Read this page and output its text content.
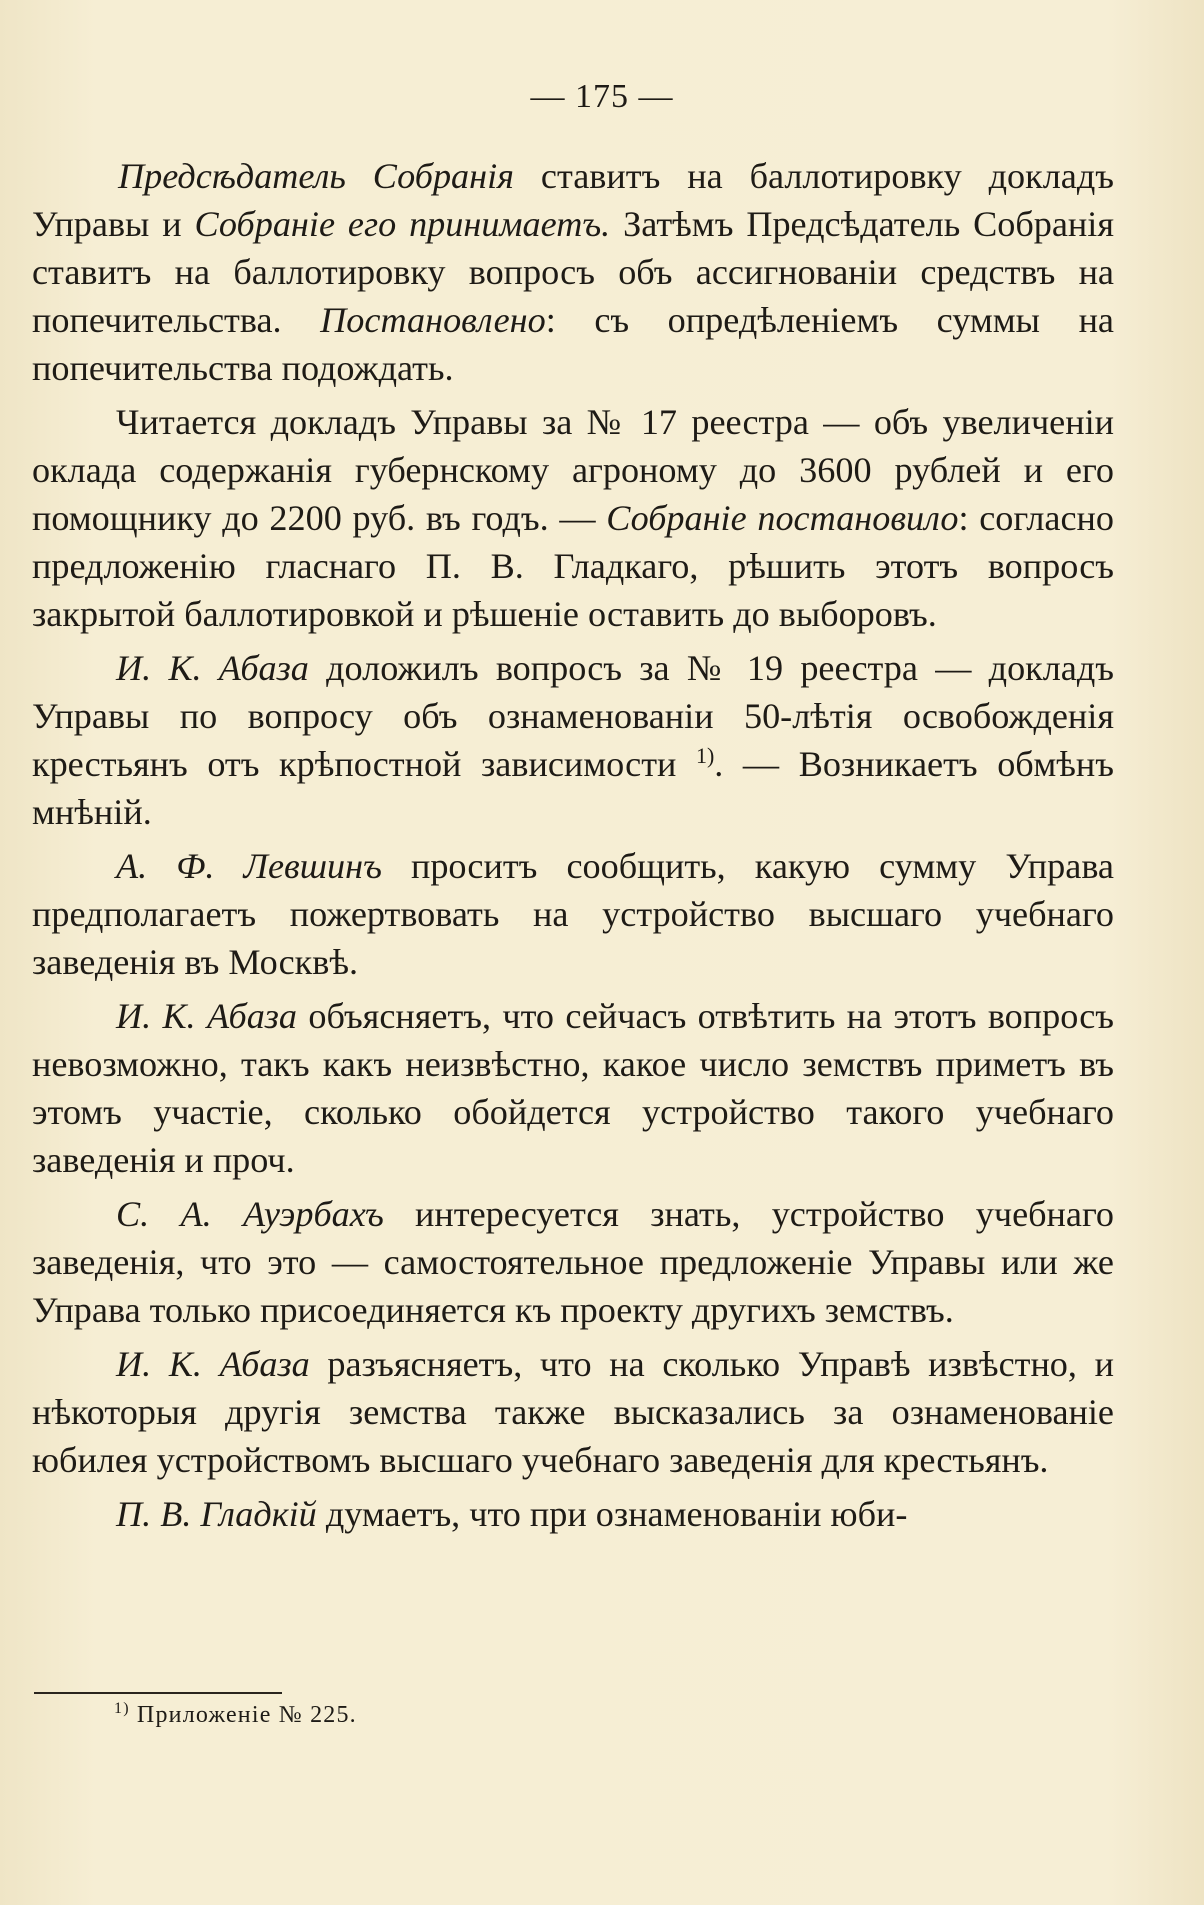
— 175 —

Предсѣдатель Собранія ставитъ на баллотировку докладъ Управы и Собраніе его принимаетъ. Затѣмъ Предсѣдатель Собранія ставитъ на баллотировку вопросъ объ ассигнованіи средствъ на попечительства. Постановлено: съ опредѣленіемъ суммы на попечительства подождать.

Читается докладъ Управы за № 17 реестра — объ увеличеніи оклада содержанія губернскому агроному до 3600 рублей и его помощнику до 2200 руб. въ годъ. — Собраніе постановило: согласно предложенію гласнаго П. В. Гладкаго, рѣшить этотъ вопросъ закрытой баллотировкой и рѣшеніе оставить до выборовъ.

И. К. Абаза доложилъ вопросъ за № 19 реестра — докладъ Управы по вопросу объ ознаменованіи 50-лѣтія освобожденія крестьянъ отъ крѣпостной зависимости $^{1)}$. — Возникаетъ обмѣнъ мнѣній.

А. Ф. Левшинъ проситъ сообщить, какую сумму Управа предполагаетъ пожертвовать на устройство высшаго учебнаго заведенія въ Москвѣ.

И. К. Абаза объясняетъ, что сейчасъ отвѣтить на этотъ вопросъ невозможно, такъ какъ неизвѣстно, какое число земствъ приметъ въ этомъ участіе, сколько обойдется устройство такого учебнаго заведенія и проч.

С. А. Ауэрбахъ интересуется знать, устройство учебнаго заведенія, что это — самостоятельное предложеніе Управы или же Управа только присоединяется къ проекту другихъ земствъ.

И. К. Абаза разъясняетъ, что на сколько Управѣ извѣстно, и нѣкоторыя другія земства также высказались за ознаменованіе юбилея устройствомъ высшаго учебнаго заведенія для крестьянъ.

П. В. Гладкій думаетъ, что при ознаменованіи юби-

$^{1)}$ Приложеніе № 225.
